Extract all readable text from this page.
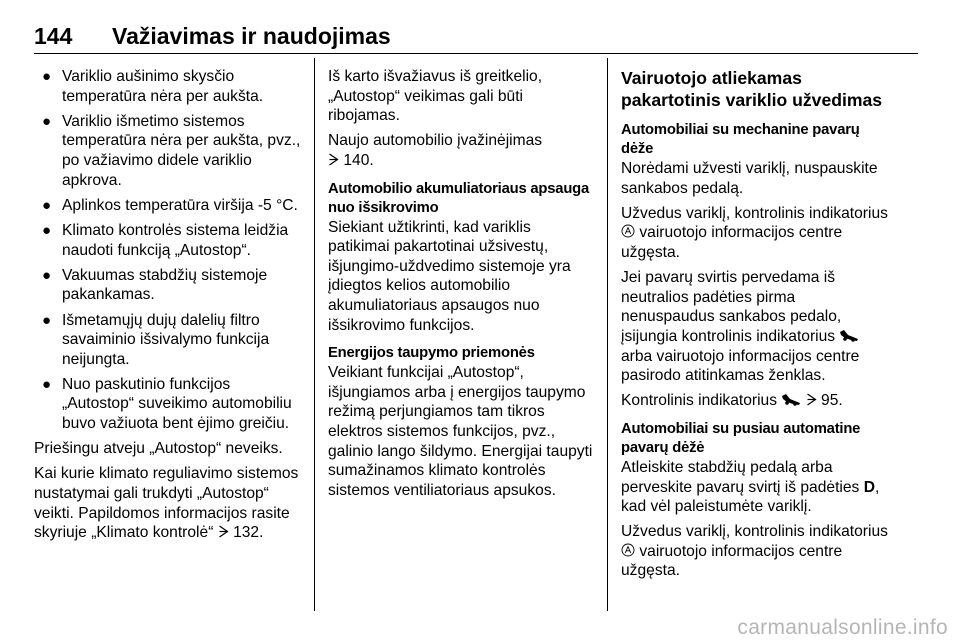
144 Važiavimas ir naudojimas
● Variklio aušinimo skysčio temperatūra nėra per aukšta.
● Variklio išmetimo sistemos temperatūra nėra per aukšta, pvz., po važiavimo didele variklio apkrova.
● Aplinkos temperatūra viršija -5 °C.
● Klimato kontrolės sistema leidžia naudoti funkciją „Autostop“.
● Vakuumas stabdžių sistemoje pakankamas.
● Išmetamųjų dujų dalelių filtro savaiminio išsivalymo funkcija neijungta.
● Nuo paskutinio funkcijos „Autostop“ suveikimo automobiliu buvo važiuota bent ėjimo greičiu.

Priešingu atveju „Autostop“ neveiks.

Kai kurie klimato reguliavimo sistemos nustatymai gali trukdyti „Autostop“ veikti. Papildomos informacijos rasite skyriuje „Klimato kontrolė“ 132.

Iš karto išvažiavus iš greitkelio, „Autostop“ veikimas gali būti ribojamas.

Naujo automobilio įvažinėjimas
140.

Automobilio akumuliatoriaus apsauga nuo išsikrovimo

Siekiant užtikrinti, kad variklis patikimai pakartotinai užsivestų, išjungimo-uždvedimo sistemoje yra įdiegtos kelios automobilio akumuliatoriaus apsaugos nuo išsikrovimo funkcijos.

Energijos taupymo priemonės

Veikiant funkcijai „Autostop“, išjungiamos arba į energijos taupymo režimą perjungiamos tam tikros elektros sistemos funkcijos, pvz., galinio lango šildymo. Energijai taupyti sumažinamos klimato kontrolės sistemos ventiliatoriaus apsukos.

Vairuotojo atliekamas pakartotinis variklio užvedimas
Automobiliai su mechanine pavarų dėže

Norėdami užvesti variklį, nuspauskite sankabos pedalą.

Užvedus variklį, kontrolinis indikatorius  vairuotojo informacijos centre užgęsta.

Jei pavarų svirtis pervedama iš neutralios padėties pirma nenuspaudus sankabos pedalo, įsijungia kontrolinis indikatorius
arba vairuotojo informacijos centre pasirodo atitinkamas ženklas.

Kontrolinis indikatorius	95.

Automobiliai su pusiau automatine pavarų dėžė

Atleiskite stabdžių pedalą arba perveskite pavarų svirtį iš padėties D, kad vėl paleistumėte variklį.

Užvedus variklį, kontrolinis indikatorius  vairuotojo informacijos centre užgęsta.

carmanualsonline.info
